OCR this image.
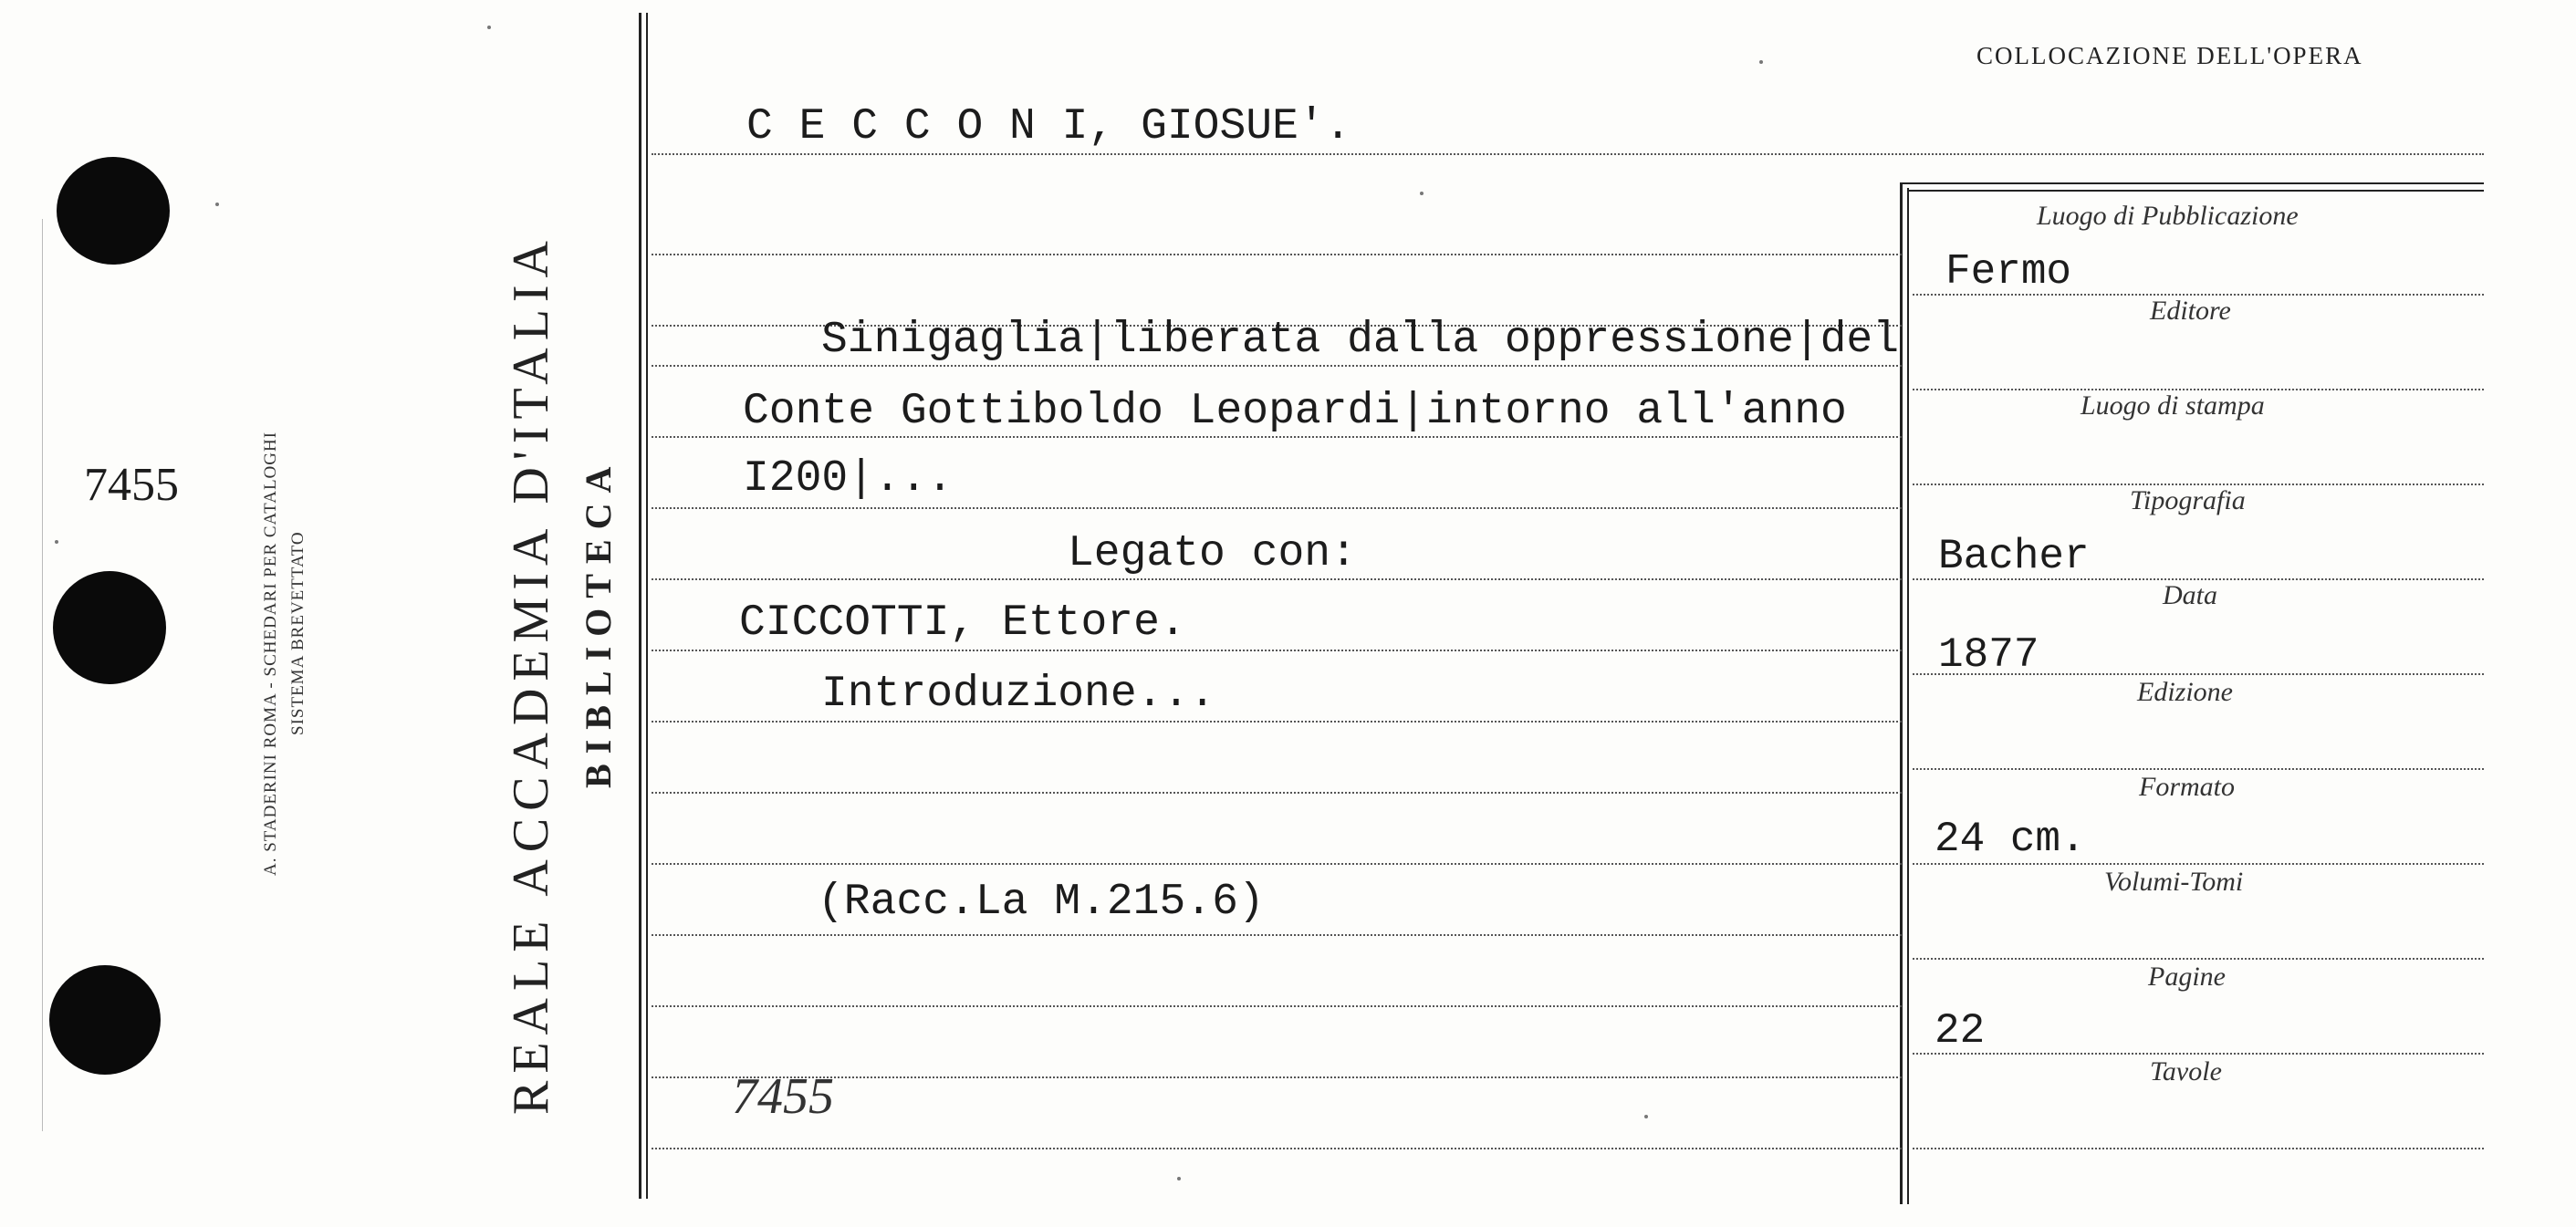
7455	A. STADERINI ROMA - SCHEDARI PER CATALOGHI SISTEMA BREVETTATO	REALE ACCADEMIA D'ITALIA BIBLIOTECA
COLLOCAZIONE DELL'OPERA
C E C C O N I, GIOSUE'.
Sinigaglia|liberata dalla oppressione|del
Conte Gottiboldo Leopardi|intorno all'anno
I200|...
Legato con:
CICCOTTI, Ettore.
Introduzione...
(Racc.La M.215.6)
7455
Luogo di Pubblicazione
Editore
Luogo di stampa
Tipografia
Data
Edizione
Formato
Volumi-Tomi
Pagine
Tavole
Fermo
Bacher
1877
24 cm.
22
